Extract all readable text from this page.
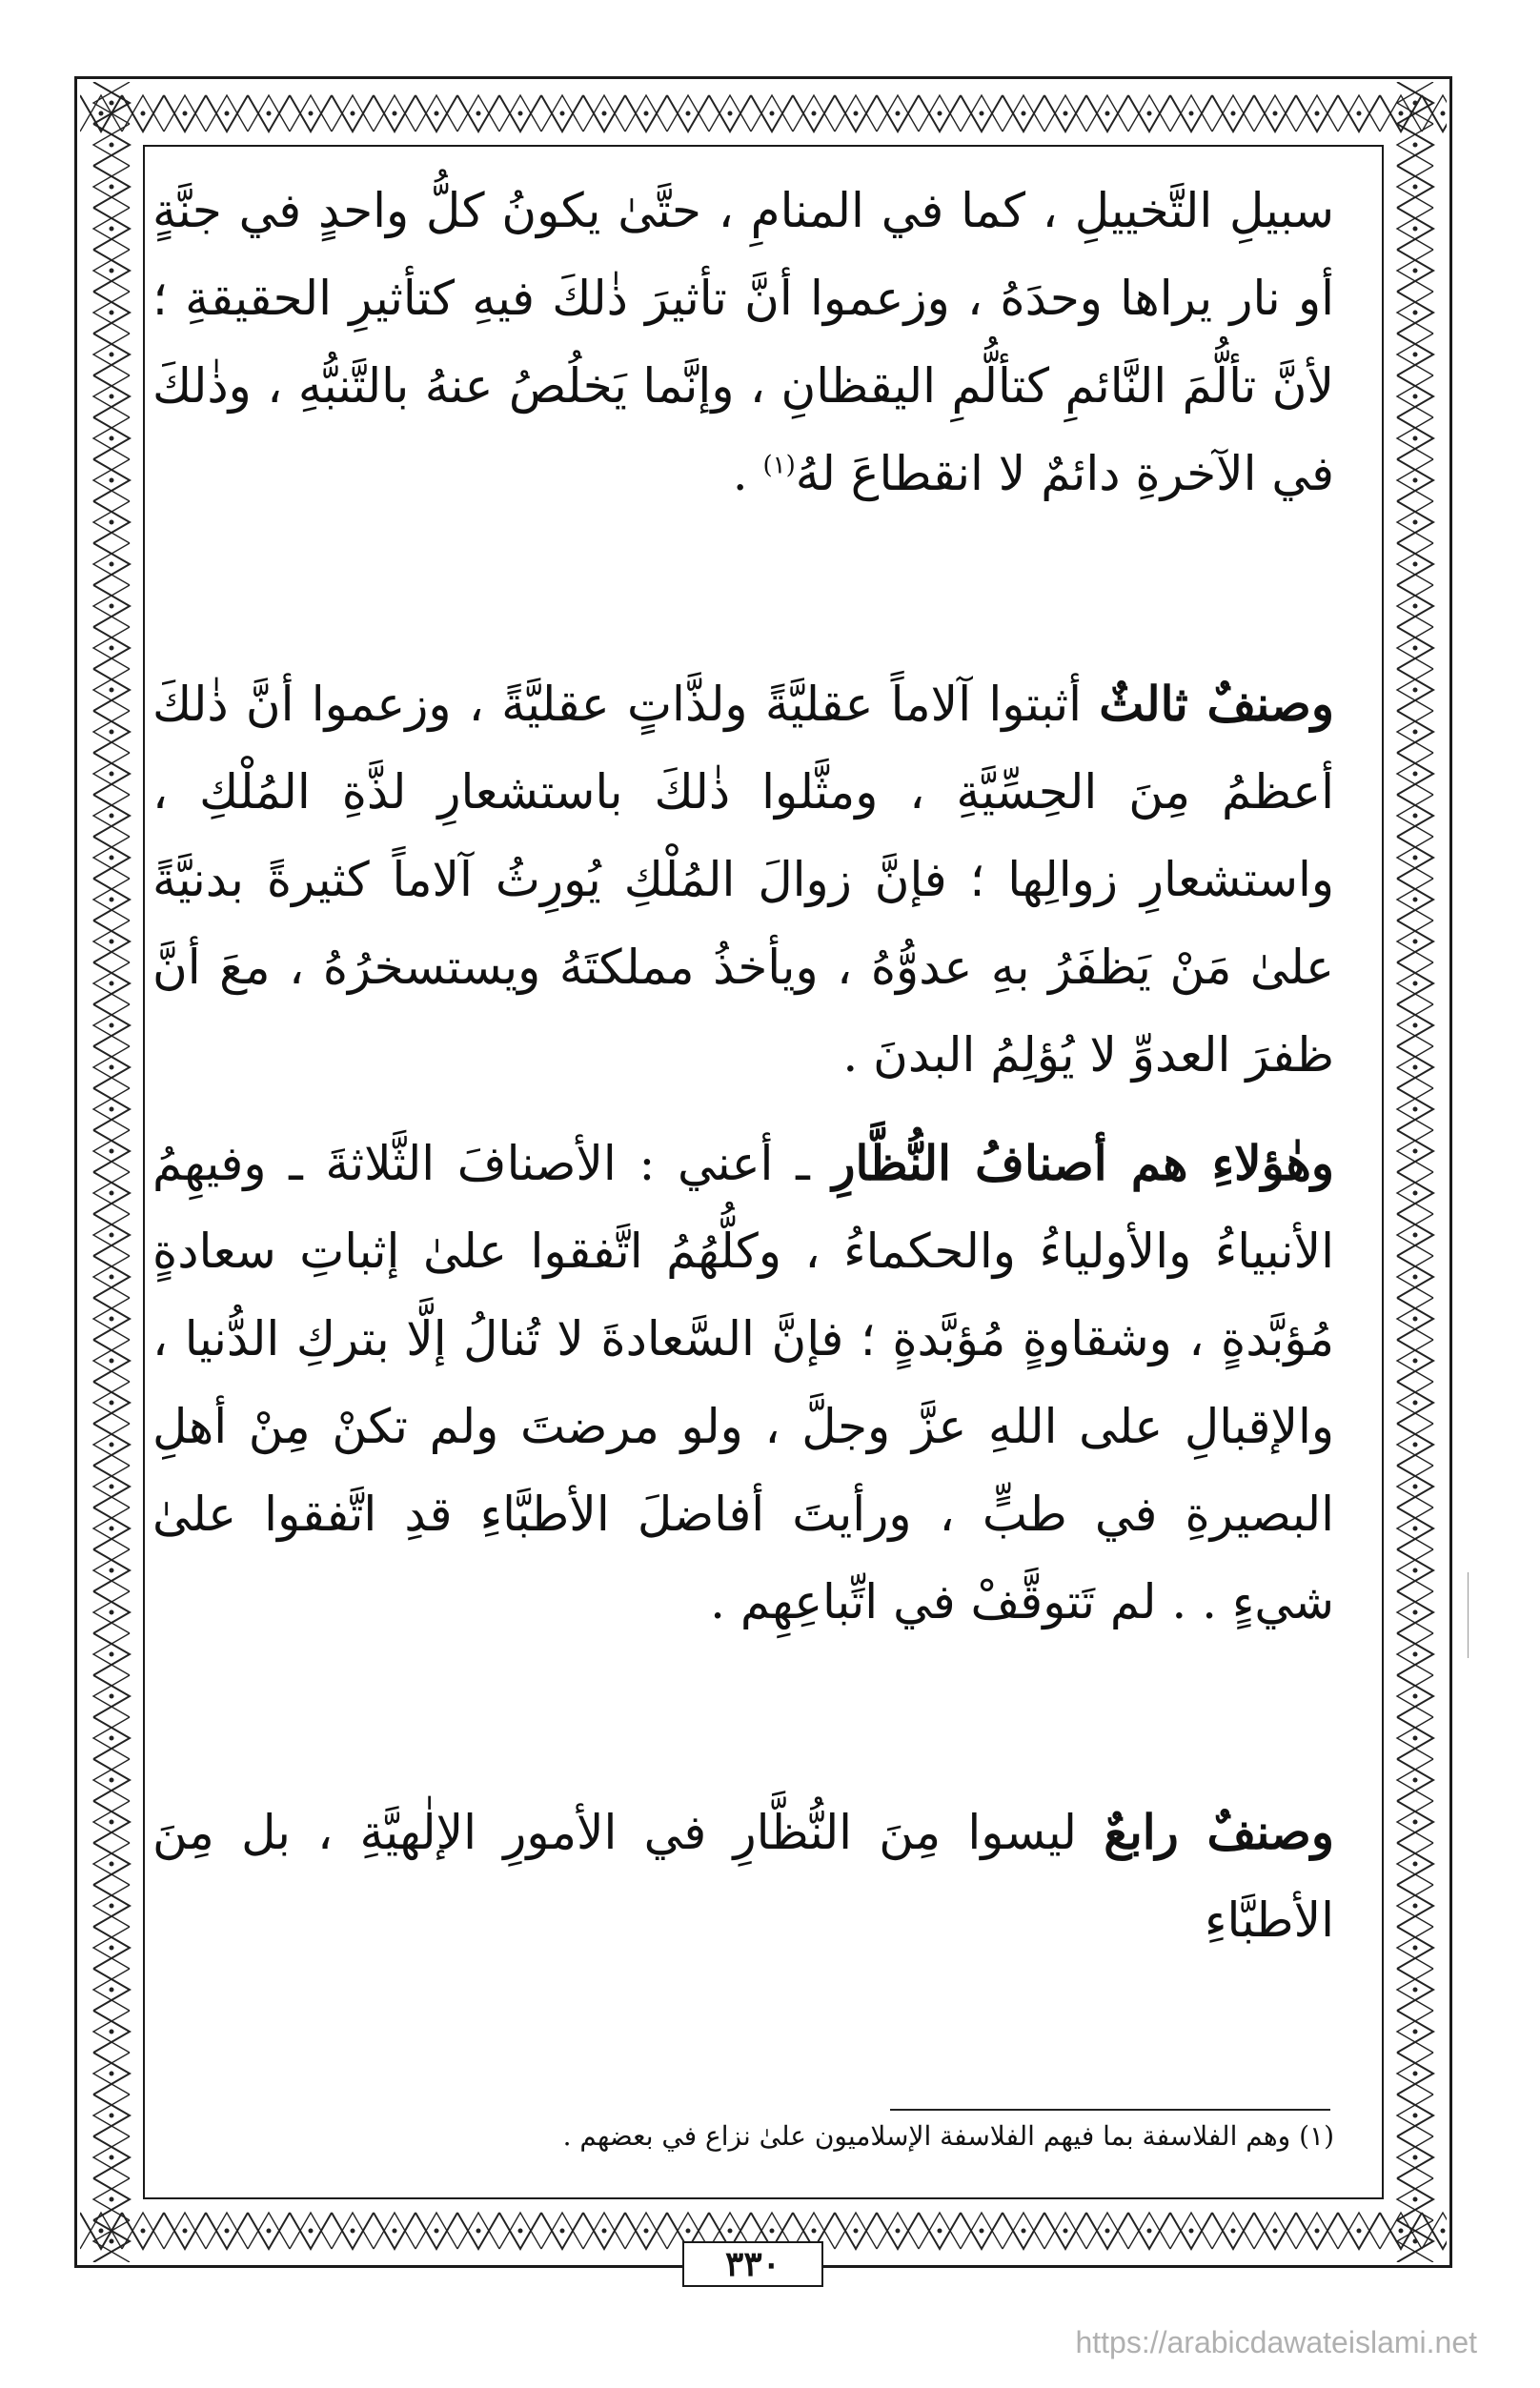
سبيلِ التَّخييلِ ، كما في المنامِ ، حتَّىٰ يكونُ كلُّ واحدٍ في جنَّةٍ أو نار يراها وحدَهُ ، وزعموا أنَّ تأثيرَ ذٰلكَ فيهِ كتأثيرِ الحقيقةِ ؛ لأنَّ تألُّمَ النَّائمِ كتألُّمِ اليقظانِ ، وإنَّما يَخلُصُ عنهُ بالتَّنبُّهِ ، وذٰلكَ في الآخرةِ دائمٌ لا انقطاعَ لهُ$^{(١)}$ .

وصنفٌ ثالثٌ أثبتوا آلاماً عقليَّةً ولذَّاتٍ عقليَّةً ، وزعموا أنَّ ذٰلكَ أعظمُ مِنَ الحِسِّيَّةِ ، ومثَّلوا ذٰلكَ باستشعارِ لذَّةِ المُلْكِ ، واستشعارِ زوالِها ؛ فإنَّ زوالَ المُلْكِ يُورِثُ آلاماً كثيرةً بدنيَّةً علىٰ مَنْ يَظفَرُ بهِ عدوُّهُ ، ويأخذُ مملكتَهُ ويستسخرُهُ ، معَ أنَّ ظفرَ العدوِّ لا يُؤلِمُ البدنَ .

وهٰؤلاءِ هم أصنافُ النُّظَّارِ ـ أعني : الأصنافَ الثَّلاثةَ ـ وفيهِمُ الأنبياءُ والأولياءُ والحكماءُ ، وكلُّهُمُ اتَّفقوا علىٰ إثباتِ سعادةٍ مُؤبَّدةٍ ، وشقاوةٍ مُؤبَّدةٍ ؛ فإنَّ السَّعادةَ لا تُنالُ إلَّا بتركِ الدُّنيا ، والإقبالِ على اللهِ عزَّ وجلَّ ، ولو مرضتَ ولم تكنْ مِنْ أهلِ البصيرةِ في طبٍّ ، ورأيتَ أفاضلَ الأطبَّاءِ قدِ اتَّفقوا علىٰ شيءٍ . . لم تَتوقَّفْ في اتِّباعِهِم .

وصنفٌ رابعٌ ليسوا مِنَ النُّظَّارِ في الأمورِ الإلٰهيَّةِ ، بل مِنَ الأطبَّاءِ

(١) وهم الفلاسفة بما فيهم الفلاسفة الإسلاميون علىٰ نزاع في بعضهم .
٣٣٠
https://arabicdawateislami.net
